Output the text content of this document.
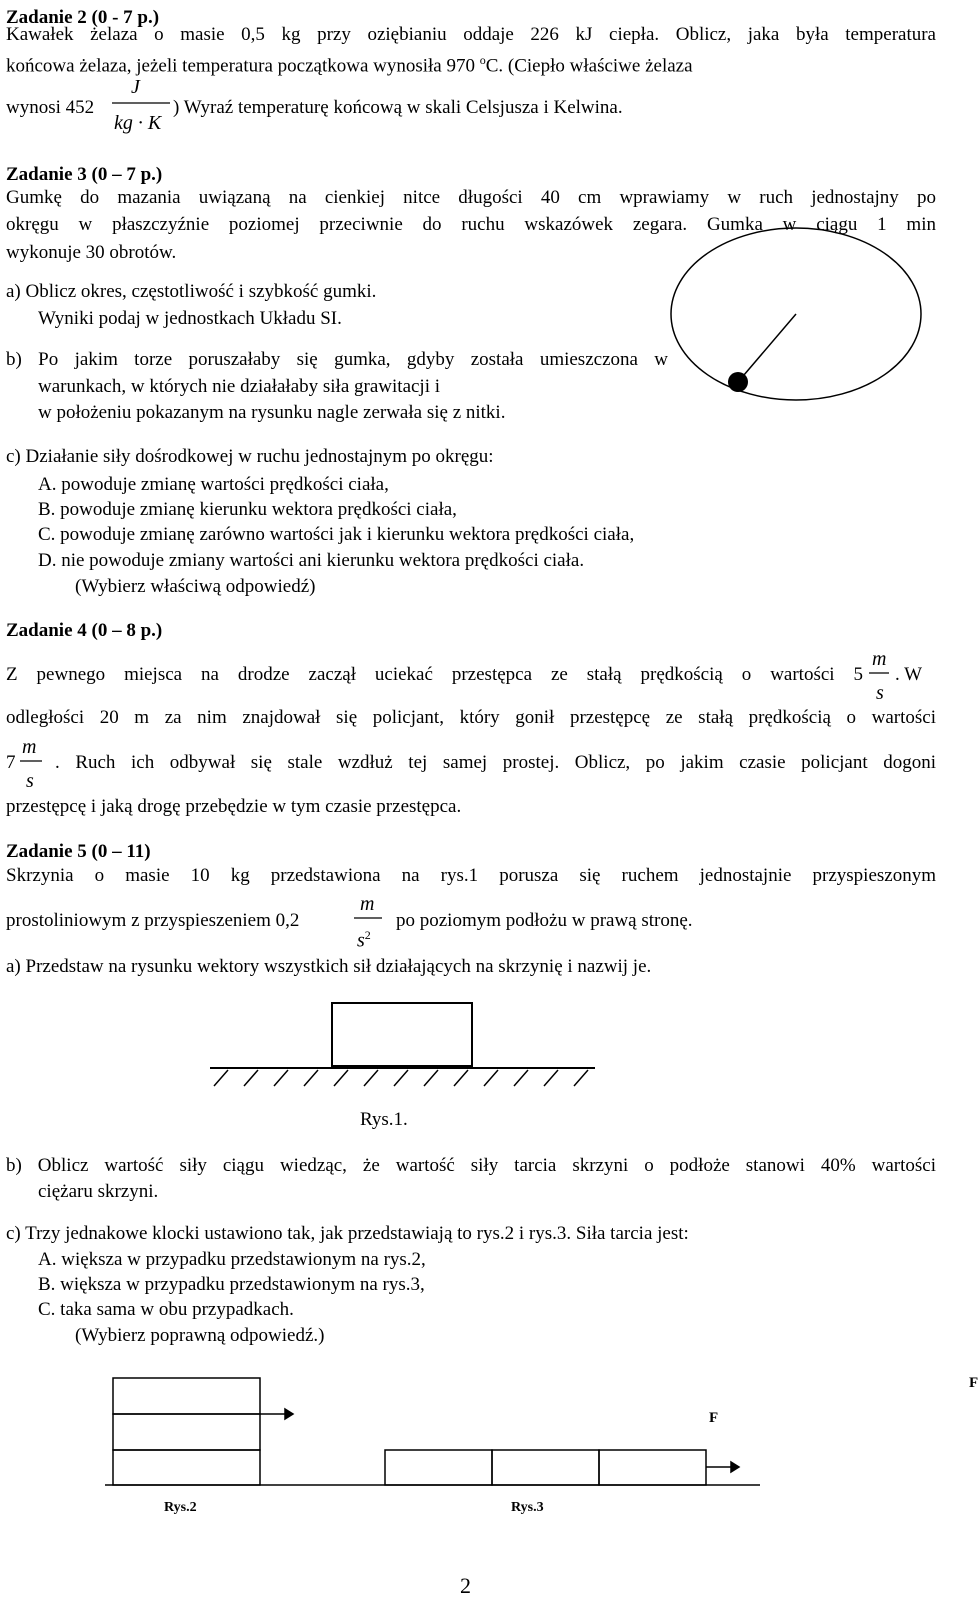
Zadanie 2 (0 - 7 p.)
Kawałek żelaza o masie 0,5 kg przy oziębianiu oddaje 226 kJ ciepła. Oblicz, jaka była temperatura
końcowa żelaza, jeżeli temperatura początkowa wynosiła 970 $^o$C. (Ciepło właściwe żelaza
wynosi 452
J
kg · K
) Wyraź temperaturę końcową w skali Celsjusza i Kelwina.
Zadanie 3 (0 – 7 p.)
Gumkę do mazania uwiązaną na cienkiej nitce długości 40 cm wprawiamy w ruch jednostajny po
okręgu w płaszczyźnie poziomej przeciwnie do ruchu wskazówek zegara. Gumka w ciągu 1 min
wykonuje 30 obrotów.
a) Oblicz okres, częstotliwość i szybkość gumki.
Wyniki podaj w jednostkach Układu SI.
b) Po jakim torze poruszałaby się gumka, gdyby została umieszczona w
warunkach, w których nie działałaby siła grawitacji i
w położeniu pokazanym na rysunku nagle zerwała się z nitki.
c) Działanie siły dośrodkowej w ruchu jednostajnym po okręgu:
A. powoduje zmianę wartości prędkości ciała,
B. powoduje zmianę kierunku wektora prędkości ciała,
C. powoduje zmianę zarówno wartości jak i kierunku wektora prędkości ciała,
D. nie powoduje zmiany wartości ani kierunku wektora prędkości ciała.
(Wybierz właściwą odpowiedź)
Zadanie 4 (0 – 8 p.)
Z pewnego miejsca na drodze zaczął uciekać przestępca ze stałą prędkością o wartości 5
m
s
. W
odległości 20 m za nim znajdował się policjant, który gonił przestępcę ze stałą prędkością o wartości
7
m
s
. Ruch ich odbywał się stale wzdłuż tej samej prostej. Oblicz, po jakim czasie policjant dogoni
przestępcę i jaką drogę przebędzie w tym czasie przestępca.
Zadanie 5 (0 – 11)
Skrzynia o masie 10 kg przedstawiona na rys.1 porusza się ruchem jednostajnie przyspieszonym
prostoliniowym z przyspieszeniem 0,2
m
$s^2$
po poziomym podłożu w prawą stronę.
a) Przedstaw na rysunku wektory wszystkich sił działających na skrzynię i nazwij je.
Rys.1.
b) Oblicz wartość siły ciągu wiedząc, że wartość siły tarcia skrzyni o podłoże stanowi 40% wartości
ciężaru skrzyni.
c) Trzy jednakowe klocki ustawiono tak, jak przedstawiają to rys.2 i rys.3. Siła tarcia jest:
A. większa w przypadku przedstawionym na rys.2,
B. większa w przypadku przedstawionym na rys.3,
C. taka sama w obu przypadkach.
(Wybierz poprawną odpowiedź.)
F
F
Rys.2	Rys.3
2
